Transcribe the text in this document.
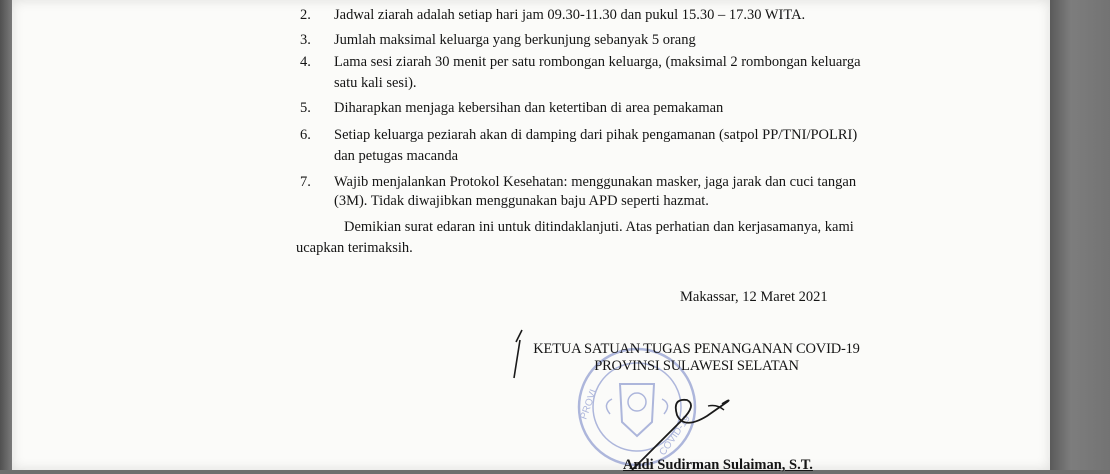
2.	Jadwal ziarah adalah setiap hari jam 09.30-11.30 dan pukul 15.30 – 17.30 WITA.
3.	Jumlah maksimal keluarga yang berkunjung sebanyak 5 orang
4.	Lama sesi ziarah 30 menit per satu rombongan keluarga, (maksimal 2 rombongan keluarga
satu kali sesi).
5.	Diharapkan menjaga kebersihan dan ketertiban di area pemakaman
6.	Setiap keluarga peziarah akan di damping dari pihak pengamanan (satpol PP/TNI/POLRI)
dan petugas macanda
7.	Wajib menjalankan Protokol Kesehatan: menggunakan masker, jaga jarak dan cuci tangan
(3M). Tidak diwajibkan menggunakan baju APD seperti hazmat.
Demikian surat edaran ini untuk ditindaklanjuti. Atas perhatian dan kerjasamanya, kami
ucapkan terimaksih.
Makassar, 12 Maret 2021
PROVI
COVID-19
KETUA SATUAN TUGAS PENANGANAN COVID-19
PROVINSI SULAWESI SELATAN
Andi Sudirman Sulaiman, S.T.
